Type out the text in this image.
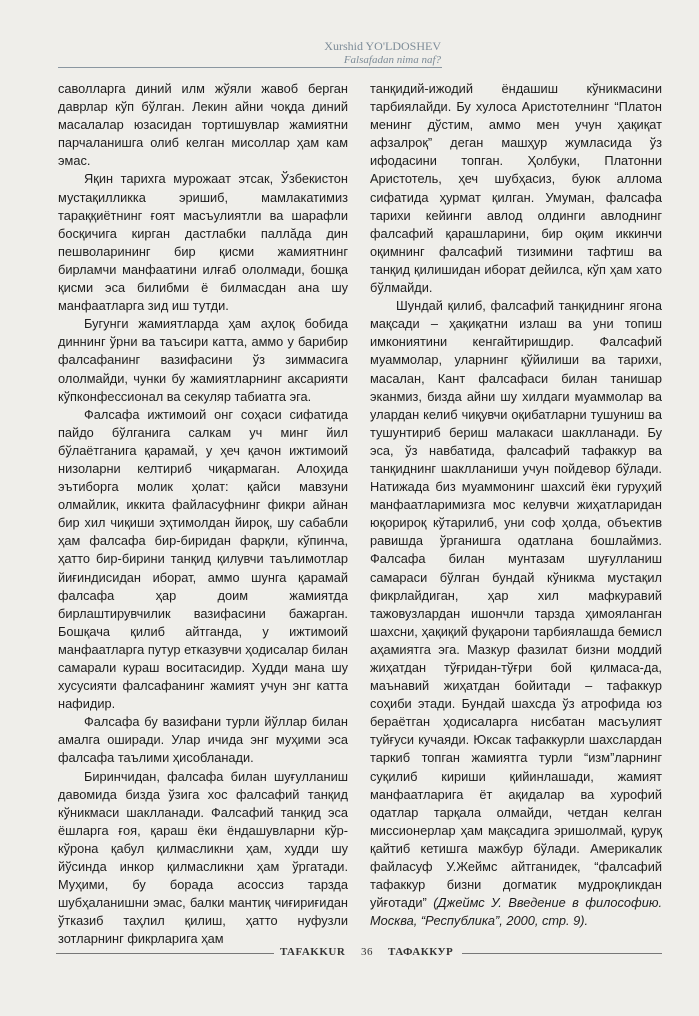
Xurshid YO'LDOSHEV
Falsafadan nima naf?

саволларга диний илм жўяли жавоб берган даврлар кўп бўлган. Лекин айни чоқда диний масалалар юзасидан тортишувлар жамиятни парчаланишга олиб келган мисоллар ҳам кам эмас.

Яқин тарихга мурожаат этсак, Ўзбекистон мустақилликка эришиб, мамлакатимиз тараққиётнинг ғоят масъулиятли ва шарафли босқичига кирган дастлабки паллӑда дин пешволарининг бир қисми жамиятнинг бирламчи манфаатини илғаб ололмади, бошқа қисми эса билибми ё билмасдан ана шу манфаатларга зид иш тутди.

Бугунги жамиятларда ҳам аҳлоқ бобида диннинг ўрни ва таъсири катта, аммо у барибир фалсафанинг вазифасини ўз зиммасига ололмайди, чунки бу жамиятларнинг аксарияти кўпконфессионал ва секуляр табиатга эга.

Фалсафа ижтимоий онг соҳаси сифатида пайдо бўлганига салкам уч минг йил бўлаётганига қарамай, у ҳеч қачон ижтимоий низоларни келтириб чиқармаган. Алоҳида эътиборга молик ҳолат: қайси мавзуни олмайлик, иккита файласуфнинг фикри айнан бир хил чиқиши эҳтимолдан йироқ, шу сабабли ҳам фалсафа бир-биридан фарқли, кўпинча, ҳатто бир-бирини танқид қилувчи таълимотлар йиғиндисидан иборат, аммо шунга қарамай фалсафа ҳар доим жамиятда бирлаштирувчилик вазифасини бажарган. Бошқача қилиб айтганда, у ижтимоий манфаатларга путур етказувчи ҳодисалар билан самарали кураш воситасидир. Худди мана шу хусусияти фалсафанинг жамият учун энг катта нафидир.

Фалсафа бу вазифани турли йўллар билан амалга оширади. Улар ичида энг муҳими эса фалсафа таълими ҳисобланади.

Биринчидан, фалсафа билан шуғулланиш давомида бизда ўзига хос фалсафий танқид кўникмаси шаклланади. Фалсафий танқид эса ёшларга ғоя, қараш ёки ёндашувларни кўр-кўрона қабул қилмасликни ҳам, худди шу йўсинда инкор қилмасликни ҳам ўргатади. Муҳими, бу борада асоссиз тарзда шубҳаланишни эмас, балки мантиқ чиғириғидан ўтказиб таҳлил қилиш, ҳатто нуфузли зотларнинг фикрларига ҳам

танқидий-ижодий ёндашиш кўникмасини тарбиялайди. Бу хулоса Аристотелнинг “Платон менинг дўстим, аммо мен учун ҳақиқат афзалроқ” деган машҳур жумласида ўз ифодасини топган. Ҳолбуки, Платонни Аристотель, ҳеч шубҳасиз, буюк алломa сифатида ҳурмат қилган. Умуман, фалсафа тарихи кейинги авлод олдинги авлоднинг фалсафий қарашларини, бир оқим иккинчи оқимнинг фалсафий тизимини тафтиш ва танқид қилишидан иборат дейилса, кўп ҳам хато бўлмайди.

Шундай қилиб, фалсафий танқиднинг ягона мақсади – ҳақиқатни излаш ва уни топиш имкониятини кенгайтиришдир. Фалсафий муаммолар, уларнинг қўйилиши ва тарихи, масалан, Кант фалсафаси билан танишар эканмиз, бизда айни шу хилдаги муаммолар ва улардан келиб чиқувчи оқибатларни тушуниш ва тушунтириб бериш малакаси шаклланади. Бу эса, ўз навбатида, фалсафий тафаккур ва танқиднинг шаклланиши учун пойдевор бўлади. Натижада биз муаммонинг шахсий ёки гуруҳий манфаатларимизга мос келувчи жиҳатларидан юқорироқ кўтарилиб, уни соф ҳолда, объектив равишда ўрганишга одатлана бошлаймиз. Фалсафа билан мунтазам шуғулланиш самараси бўлган бундай кўникма мустақил фикрлайдиган, ҳар хил мафкуравий тажовузлардан ишончли тарзда ҳимояланган шахсни, ҳақиқий фуқарони тарбиялашда бемисл аҳамиятга эга. Мазкур фазилат бизни моддий жиҳатдан тўғридан-тўғри бой қилмаса-да, маънавий жиҳатдан бойитади – тафаккур соҳиби этади. Бундай шахсда ўз атрофида юз бераётган ҳодисаларга нисбатан масъулият туйғуси кучаяди. Юксак тафаккурли шахслардан таркиб топган жамиятга турли “изм”ларнинг суқилиб кириши қийинлашади, жамият манфаатларига ёт ақидалар ва хурофий одатлар тарқала олмайди, четдан келган миссионерлар ҳам мақсадига эришолмай, қуруқ қайтиб кетишга мажбур бўлади. Америкалик файласуф У.Жеймс айтганидек, “фалсафий тафаккур бизни догматик мудроқликдан уйғотади” (Джеймс У. Введение в философию. Москва, “Республика”, 2000, стр. 9).

TAFAKKUR 36 ТАФАККУР
